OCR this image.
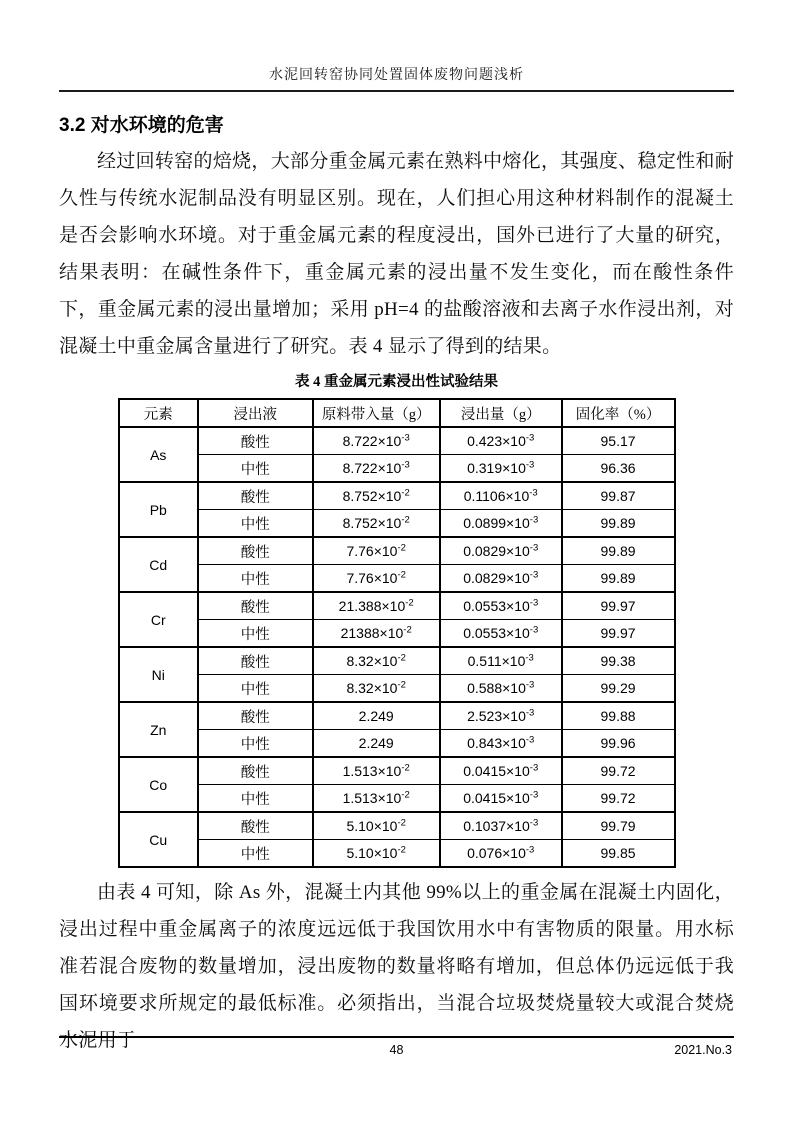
水泥回转窑协同处置固体废物问题浅析
3.2 对水环境的危害

经过回转窑的焙烧，大部分重金属元素在熟料中熔化，其强度、稳定性和耐久性与传统水泥制品没有明显区别。现在，人们担心用这种材料制作的混凝土是否会影响水环境。对于重金属元素的程度浸出，国外已进行了大量的研究，结果表明：在碱性条件下，重金属元素的浸出量不发生变化，而在酸性条件下，重金属元素的浸出量增加；采用 pH=4 的盐酸溶液和去离子水作浸出剂，对混凝土中重金属含量进行了研究。表 4 显示了得到的结果。

表 4 重金属元素浸出性试验结果
元素	浸出液	原料带入量（g）	浸出量（g）	固化率（%）
As	酸性	$8.722\times 10^{-3}$	$0.423\times 10^{-3}$	95.17
	中性	$8.722\times 10^{-3}$	$0.319\times 10^{-3}$	96.36
Pb	酸性	$8.752\times 10^{-2}$	$0.1106\times 10^{-3}$	99.87
	中性	$8.752\times 10^{-2}$	$0.0899\times 10^{-3}$	99.89
Cd	酸性	$7.76\times 10^{-2}$	$0.0829\times 10^{-3}$	99.89
	中性	$7.76\times 10^{-2}$	$0.0829\times 10^{-3}$	99.89
Cr	酸性	$21.388\times 10^{-2}$	$0.0553\times 10^{-3}$	99.97
	中性	$21388\times 10^{-2}$	$0.0553\times 10^{-3}$	99.97
Ni	酸性	$8.32\times 10^{-2}$	$0.511\times 10^{-3}$	99.38
	中性	$8.32\times 10^{-2}$	$0.588\times 10^{-3}$	99.29
Zn	酸性	2.249	$2.523\times 10^{-3}$	99.88
	中性	2.249	$0.843\times 10^{-3}$	99.96
Co	酸性	$1.513\times 10^{-2}$	$0.0415\times 10^{-3}$	99.72
	中性	$1.513\times 10^{-2}$	$0.0415\times 10^{-3}$	99.72
Cu	酸性	$5.10\times 10^{-2}$	$0.1037\times 10^{-3}$	99.79
	中性	$5.10\times 10^{-2}$	$0.076\times 10^{-3}$	99.85

由表 4 可知，除 As 外，混凝土内其他 99%以上的重金属在混凝土内固化，浸出过程中重金属离子的浓度远远低于我国饮用水中有害物质的限量。用水标准若混合废物的数量增加，浸出废物的数量将略有增加，但总体仍远远低于我国环境要求所规定的最低标准。必须指出，当混合垃圾焚烧量较大或混合焚烧水泥用于	48	2021.No.3
